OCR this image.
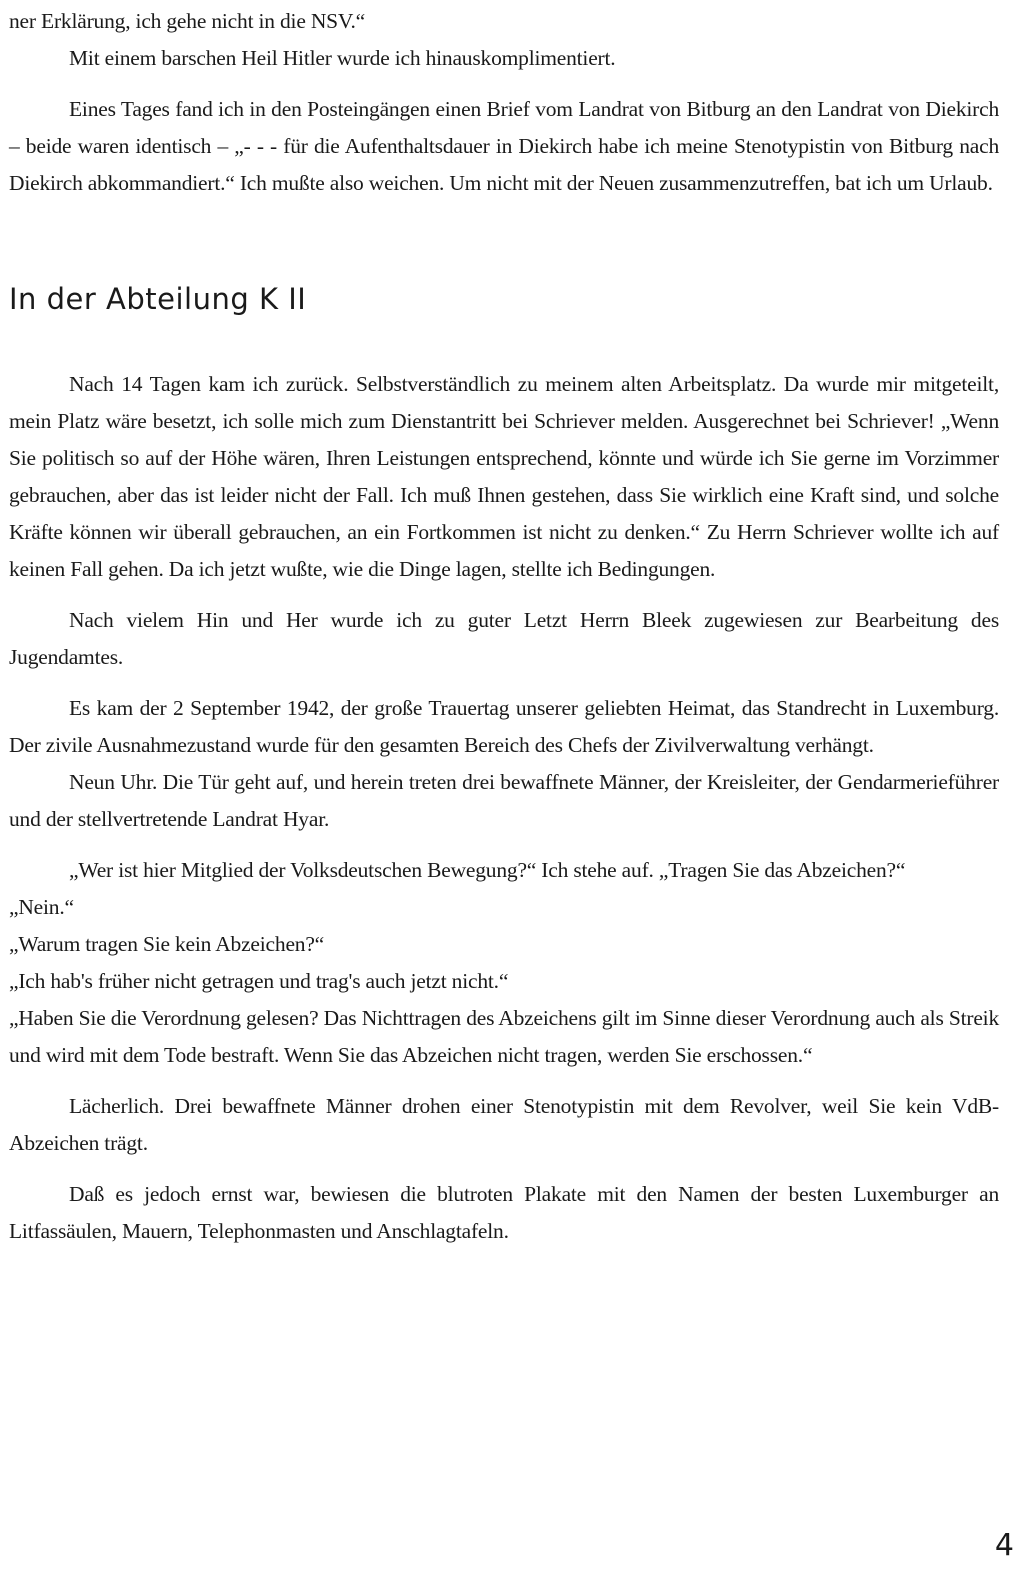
ner Erklärung, ich gehe nicht in die NSV.“

Mit einem barschen Heil Hitler wurde ich hinauskomplimentiert.

Eines Tages fand ich in den Posteingängen einen Brief vom Landrat von Bitburg an den Landrat von Diekirch – beide waren identisch – „- - - für die Aufenthaltsdauer in Diekirch habe ich meine Stenotypistin von Bitburg nach Diekirch abkommandiert.“ Ich mußte also weichen. Um nicht mit der Neuen zusammenzutreffen, bat ich um Urlaub.

In der Abteilung K II

Nach 14 Tagen kam ich zurück. Selbstverständlich zu meinem alten Arbeitsplatz. Da wurde mir mitgeteilt, mein Platz wäre besetzt, ich solle mich zum Dienstantritt bei Schriever melden. Ausgerechnet bei Schriever! „Wenn Sie politisch so auf der Höhe wären, Ihren Leistungen entsprechend, könnte und würde ich Sie gerne im Vorzimmer gebrauchen, aber das ist leider nicht der Fall. Ich muß Ihnen gestehen, dass Sie wirklich eine Kraft sind, und solche Kräfte können wir überall gebrauchen, an ein Fortkommen ist nicht zu denken.“ Zu Herrn Schriever wollte ich auf keinen Fall gehen. Da ich jetzt wußte, wie die Dinge lagen, stellte ich Bedingungen.

Nach vielem Hin und Her wurde ich zu guter Letzt Herrn Bleek zugewiesen zur Bearbeitung des Jugendamtes.

Es kam der 2 September 1942, der große Trauertag unserer geliebten Heimat, das Standrecht in Luxemburg. Der zivile Ausnahmezustand wurde für den gesamten Bereich des Chefs der Zivilverwaltung verhängt.

Neun Uhr. Die Tür geht auf, und herein treten drei bewaffnete Männer, der Kreisleiter, der Gendarmerieführer und der stellvertretende Landrat Hyar.

„Wer ist hier Mitglied der Volksdeutschen Bewegung?“ Ich stehe auf. „Tragen Sie das Abzeichen?“

„Nein.“

„Warum tragen Sie kein Abzeichen?“

„Ich hab's früher nicht getragen und trag's auch jetzt nicht.“

„Haben Sie die Verordnung gelesen? Das Nichttragen des Abzeichens gilt im Sinne dieser Verordnung auch als Streik und wird mit dem Tode bestraft. Wenn Sie das Abzeichen nicht tragen, werden Sie erschossen.“

Lächerlich. Drei bewaffnete Männer drohen einer Stenotypistin mit dem Revolver, weil Sie kein VdB-Abzeichen trägt.

Daß es jedoch ernst war, bewiesen die blutroten Plakate mit den Namen der besten Luxemburger an Litfassäulen, Mauern, Telephonmasten und Anschlagtafeln.

4
